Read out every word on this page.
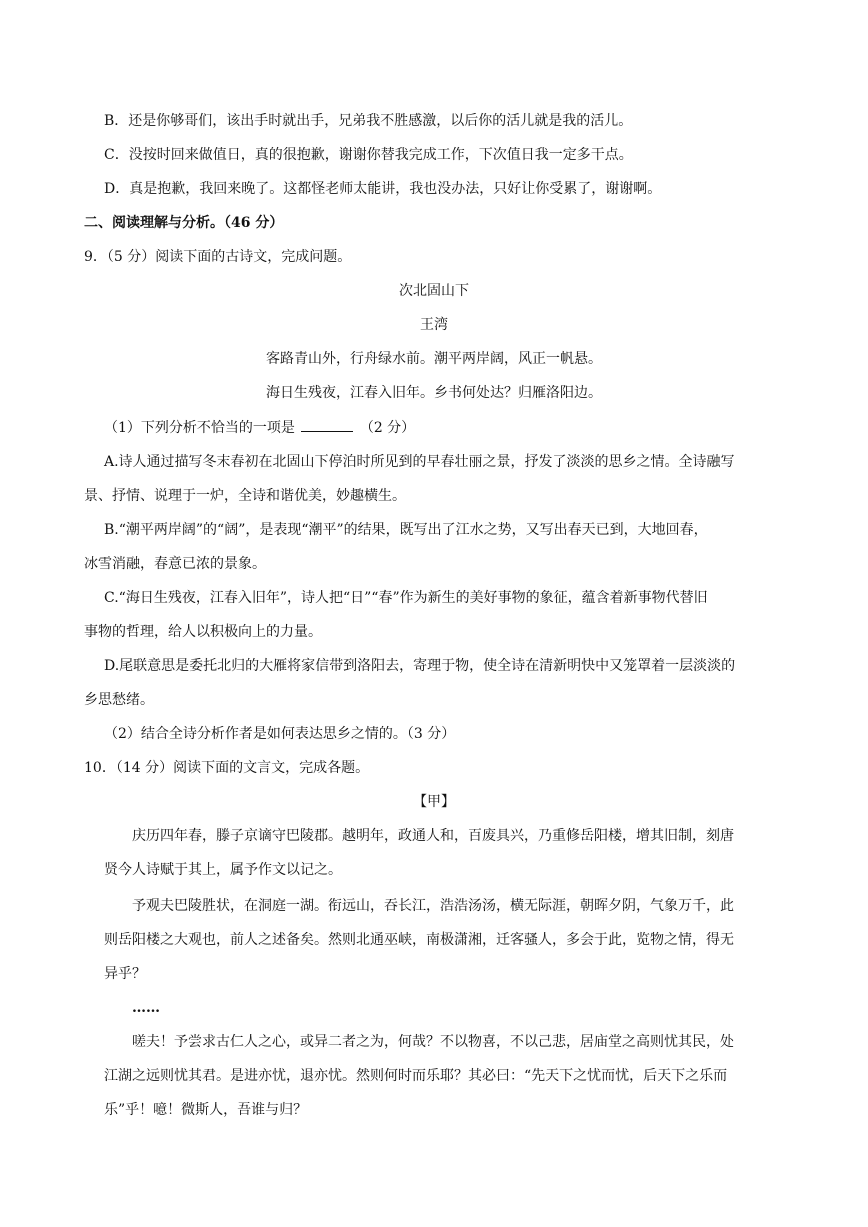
B．还是你够哥们，该出手时就出手，兄弟我不胜感激，以后你的活儿就是我的活儿。
C．没按时回来做值日，真的很抱歉，谢谢你替我完成工作，下次值日我一定多干点。
D．真是抱歉，我回来晚了。这都怪老师太能讲，我也没办法，只好让你受累了，谢谢啊。
二、阅读理解与分析。（46 分）
9．（5 分）阅读下面的古诗文，完成问题。
次北固山下
王湾
客路青山外，行舟绿水前。潮平两岸阔，风正一帆悬。
海日生残夜，江春入旧年。乡书何处达？归雁洛阳边。
（1）下列分析不恰当的一项是	（2 分）
A.诗人通过描写冬末春初在北固山下停泊时所见到的早春壮丽之景，抒发了淡淡的思乡之情。全诗融写
景、抒情、说理于一炉，全诗和谐优美，妙趣横生。
B.“潮平两岸阔”的“阔”，是表现“潮平”的结果，既写出了江水之势，又写出春天已到，大地回春，
冰雪消融，春意已浓的景象。
C.“海日生残夜，江春入旧年”，诗人把“日”“春”作为新生的美好事物的象征，蕴含着新事物代替旧
事物的哲理，给人以积极向上的力量。
D.尾联意思是委托北归的大雁将家信带到洛阳去，寄理于物，使全诗在清新明快中又笼罩着一层淡淡的
乡思愁绪。
（2）结合全诗分析作者是如何表达思乡之情的。（3 分）
10．（14 分）阅读下面的文言文，完成各题。
【甲】
庆历四年春，滕子京谪守巴陵郡。越明年，政通人和，百废具兴，乃重修岳阳楼，增其旧制，刻唐
贤今人诗赋于其上，属予作文以记之。
予观夫巴陵胜状，在洞庭一湖。衔远山，吞长江，浩浩汤汤，横无际涯，朝晖夕阴，气象万千，此
则岳阳楼之大观也，前人之述备矣。然则北通巫峡，南极潇湘，迁客骚人，多会于此，览物之情，得无
异乎？
……
嗟夫！予尝求古仁人之心，或异二者之为，何哉？不以物喜，不以己悲，居庙堂之高则忧其民，处
江湖之远则忧其君。是进亦忧，退亦忧。然则何时而乐耶？其必曰：“先天下之忧而忧，后天下之乐而
乐”乎！噫！微斯人，吾谁与归？
